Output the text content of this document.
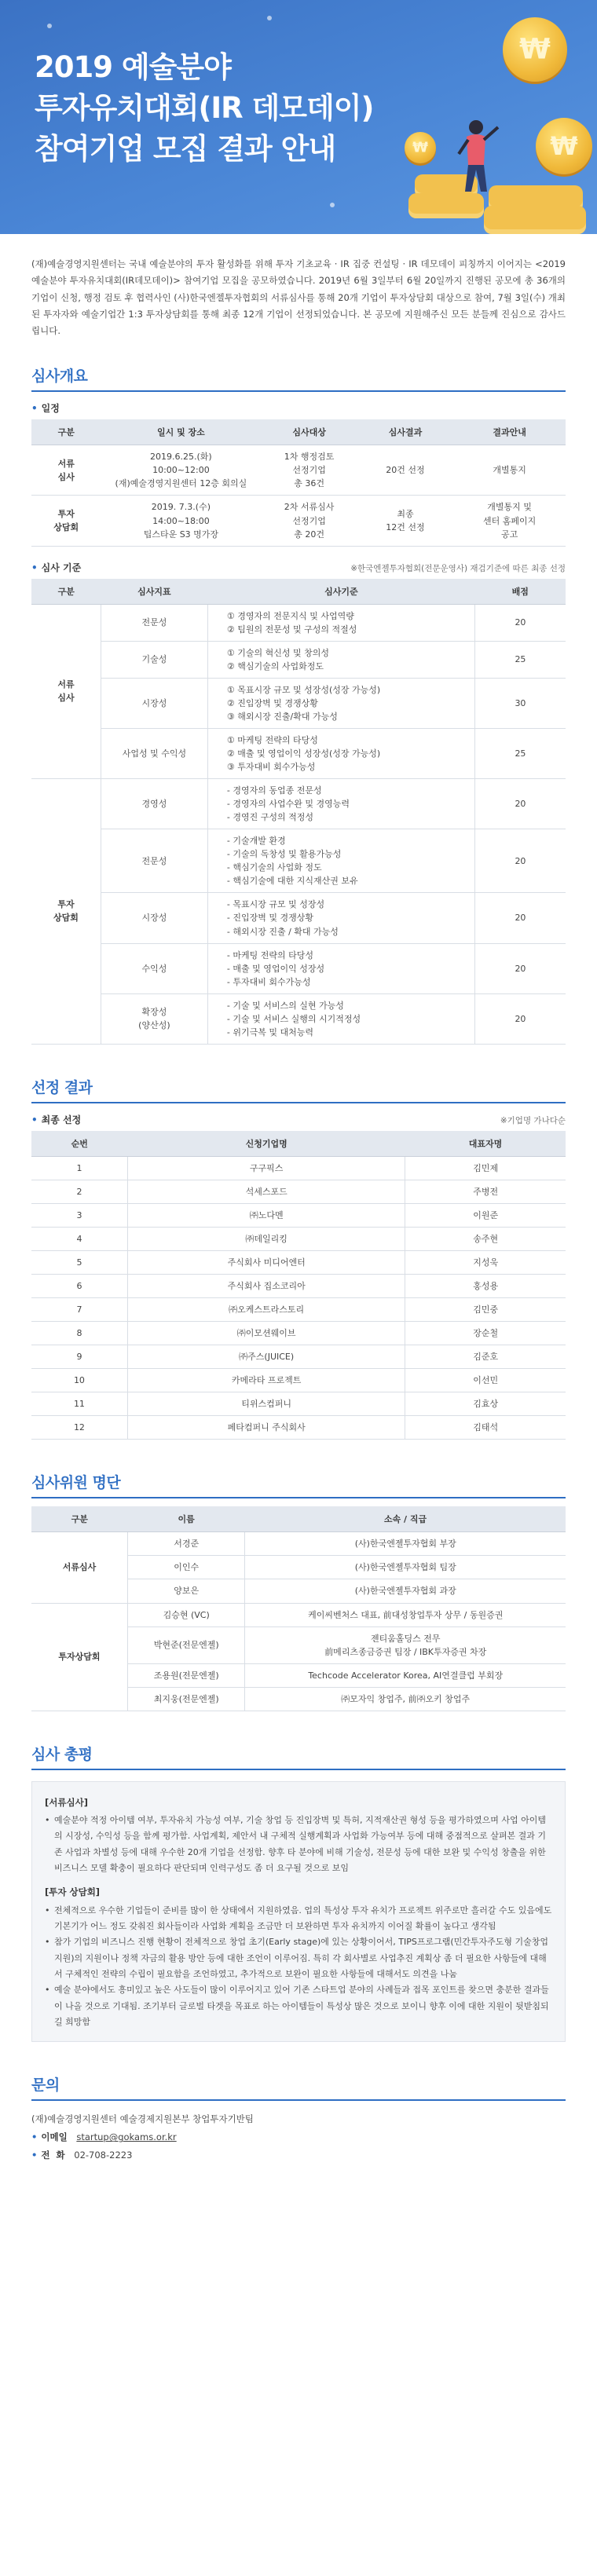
2019 예술분야
투자유치대회(IR 데모데이)
참여기업 모집 결과 안내
₩
₩
₩

(재)예술경영지원센터는 국내 예술분야의 투자 활성화를 위해 투자 기초교육 · IR 집중 컨설팅 · IR 데모데이 피칭까지 이어지는 <2019 예술분야 투자유치대회(IR데모데이)> 참여기업 모집을 공모하였습니다. 2019년 6월 3일부터 6월 20일까지 진행된 공모에 총 36개의 기업이 신청, 행정 검토 후 협력사인 (사)한국엔젤투자협회의 서류심사를 통해 20개 기업이 투자상담회 대상으로 참여, 7월 3일(수) 개최된 투자자와 예술기업간 1:3 투자상담회를 통해 최종 12개 기업이 선정되었습니다. 본 공모에 지원해주신 모든 분들께 진심으로 감사드립니다.

심사개요
• 일정
구분	일시 및 장소	심사대상	심사결과	결과안내
서류
심사	2019.6.25.(화)
10:00~12:00
(재)예술경영지원센터 12층 회의실	1차 행정검토
선정기업
총 36건	20건 선정	개별통지
투자
상담회	2019. 7.3.(수)
14:00~18:00
팁스타운 S3 명가장	2차 서류심사
선정기업
총 20건	최종
12건 선정	개별통지 및
센터 홈페이지
공고
• 심사 기준	※한국엔젤투자협회(전문운영사) 재검기준에 따른 최종 선정
구분	심사지표	심사기준	배점
서류
심사	전문성	① 경영자의 전문지식 및 사업역량
② 팀원의 전문성 및 구성의 적절성	20
	기술성	① 기술의 혁신성 및 창의성
② 핵심기술의 사업화정도	25
	시장성	① 목표시장 규모 및 성장성(성장 가능성)
② 진입장벽 및 경쟁상황
③ 해외시장 진출/확대 가능성	30
	사업성 및 수익성	① 마케팅 전략의 타당성
② 매출 및 영업이익 성장성(성장 가능성)
③ 투자대비 회수가능성	25
투자
상담회	경영성	- 경영자의 동업종 전문성
- 경영자의 사업수완 및 경영능력
- 경영진 구성의 적정성	20
	전문성	- 기술개발 환경
- 기술의 독창성 및 활용가능성
- 핵심기술의 사업화 정도
- 핵심기술에 대한 지식재산권 보유	20
	시장성	- 목표시장 규모 및 성장성
- 진입장벽 및 경쟁상황
- 해외시장 진출 / 확대 가능성	20
	수익성	- 마케팅 전략의 타당성
- 매출 및 영업이익 성장성
- 투자대비 회수가능성	20
	확장성
(양산성)	- 기술 및 서비스의 실현 가능성
- 기술 및 서비스 실행의 시기적정성
- 위기극복 및 대처능력	20
선정 결과
• 최종 선정	※기업명 가나다순
순번	신청기업명	대표자명
1	구구픽스	김민제
2	석세스포드	주병전
3	㈜노다멘	이원준
4	㈜데일리킹	송주현
5	주식회사 미디어엔터	지성욱
6	주식회사 집소코리아	홍성용
7	㈜오케스트라스토리	김민중
8	㈜이모션웨이브	장순철
9	㈜주스(JUICE)	김준호
10	카메라타 프로젝트	이선민
11	티위스컴퍼니	김효상
12	페타컴퍼니 주식회사	김태석
심사위원 명단
구분	이름	소속 / 직급
서류심사	서경준	(사)한국엔젤투자협회 부장
	이인수	(사)한국엔젤투자협회 팀장
	양보은	(사)한국엔젤투자협회 과장
투자상담회	김승현 (VC)	케이씨벤처스 대표, 前대성창업투자 상무 / 동원증권
	박현준(전문엔젤)	젠티움홀딩스 전무
前메리츠종금증권 팀장 / IBK투자증권 차장
	조용원(전문엔젤)	Techcode Accelerator Korea, AI연결클럽 부회장
	최지웅(전문엔젤)	㈜모자익 창업주, 前㈜오키 창업주
심사 총평
[서류심사]
• 예술분야 적정 아이템 여부, 투자유치 가능성 여부, 기술 창업 등 진입장벽 및 특허, 지적재산권 형성 등을 평가하였으며 사업 아이템의 시장성, 수익성 등을 함께 평가함. 사업계획, 제안서 내 구체적 실행계획과 사업화 가능여부 등에 대해 중점적으로 살펴본 결과 기존 사업과 차별성 등에 대해 우수한 20개 기업을 선정함. 향후 타 분야에 비해 기술성, 전문성 등에 대한 보완 및 수익성 창출을 위한 비즈니스 모델 확충이 필요하다 판단되며 인력구성도 좀 더 요구될 것으로 보임
[투자 상담회]
• 전체적으로 우수한 기업들이 준비를 많이 한 상태에서 지원하였음. 업의 특성상 투자 유치가 프로젝트 위주로만 흘러갈 수도 있음에도 기본기가 어느 정도 갖춰진 회사들이라 사업화 계획을 조금만 더 보완하면 투자 유치까지 이어질 확률이 높다고 생각됨
• 참가 기업의 비즈니스 진행 현황이 전체적으로 창업 초기(Early stage)에 있는 상황이어서, TIPS프로그램(민간투자주도형 기술창업지원)의 지원이나 정책 자금의 활용 방안 등에 대한 조언이 이루어짐. 특히 각 회사별로 사업추진 계획상 좀 더 필요한 사항들에 대해서 구체적인 전략의 수립이 필요함을 조언하였고, 추가적으로 보완이 필요한 사항들에 대해서도 의견을 나눔
• 예술 분야에서도 흥미있고 높은 사도들이 많이 이루어지고 있어 기존 스타트업 분야의 사례들과 접목 포인트를 찾으면 충분한 결과들이 나올 것으로 기대됨. 조기부터 글로벌 타겟을 목표로 하는 아이템들이 특성상 많은 것으로 보이니 향후 이에 대한 지원이 뒷받침되길 희망함
문의
(재)예술경영지원센터 예술경제지원본부 창업투자기반팀
• 이메일 startup@gokams.or.kr
• 전  화 02-708-2223
